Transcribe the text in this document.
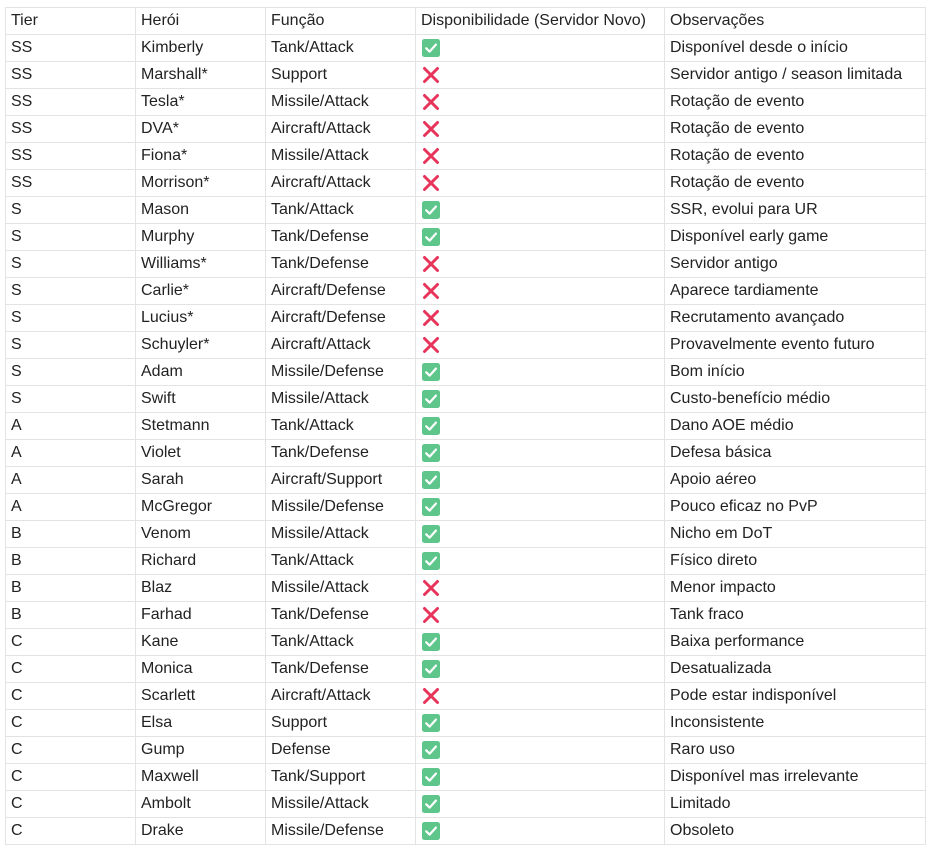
Tier	Herói	Função	Disponibilidade (Servidor Novo)	Observações
SS	Kimberly	Tank/Attack		Disponível desde o início
SS	Marshall*	Support		Servidor antigo / season limitada
SS	Tesla*	Missile/Attack		Rotação de evento
SS	DVA*	Aircraft/Attack		Rotação de evento
SS	Fiona*	Missile/Attack		Rotação de evento
SS	Morrison*	Aircraft/Attack		Rotação de evento
S	Mason	Tank/Attack		SSR, evolui para UR
S	Murphy	Tank/Defense		Disponível early game
S	Williams*	Tank/Defense		Servidor antigo
S	Carlie*	Aircraft/Defense		Aparece tardiamente
S	Lucius*	Aircraft/Defense		Recrutamento avançado
S	Schuyler*	Aircraft/Attack		Provavelmente evento futuro
S	Adam	Missile/Defense		Bom início
S	Swift	Missile/Attack		Custo-benefício médio
A	Stetmann	Tank/Attack		Dano AOE médio
A	Violet	Tank/Defense		Defesa básica
A	Sarah	Aircraft/Support		Apoio aéreo
A	McGregor	Missile/Defense		Pouco eficaz no PvP
B	Venom	Missile/Attack		Nicho em DoT
B	Richard	Tank/Attack		Físico direto
B	Blaz	Missile/Attack		Menor impacto
B	Farhad	Tank/Defense		Tank fraco
C	Kane	Tank/Attack		Baixa performance
C	Monica	Tank/Defense		Desatualizada
C	Scarlett	Aircraft/Attack		Pode estar indisponível
C	Elsa	Support		Inconsistente
C	Gump	Defense		Raro uso
C	Maxwell	Tank/Support		Disponível mas irrelevante
C	Ambolt	Missile/Attack		Limitado
C	Drake	Missile/Defense		Obsoleto
